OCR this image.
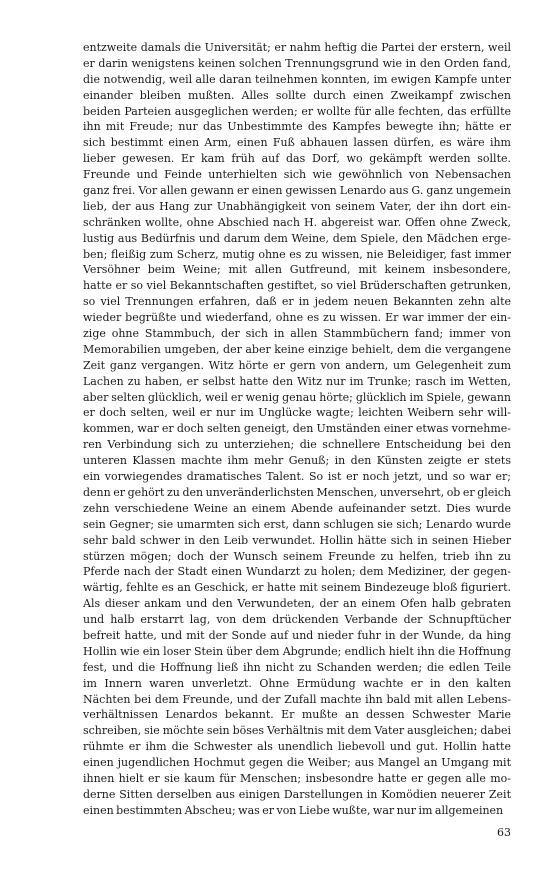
entzweite damals die Universität; er nahm heftig die Partei der erstern, weil
er darin wenigstens keinen solchen Trennungsgrund wie in den Orden fand,
die notwendig, weil alle daran teilnehmen konnten, im ewigen Kampfe unter
einander bleiben mußten. Alles sollte durch einen Zweikampf zwischen
beiden Parteien ausgeglichen werden; er wollte für alle fechten, das erfüllte
ihn mit Freude; nur das Unbestimmte des Kampfes bewegte ihn; hätte er
sich bestimmt einen Arm, einen Fuß abhauen lassen dürfen, es wäre ihm
lieber gewesen. Er kam früh auf das Dorf, wo gekämpft werden sollte.
Freunde und Feinde unterhielten sich wie gewöhnlich von Nebensachen
ganz frei. Vor allen gewann er einen gewissen Lenardo aus G. ganz ungemein
lieb, der aus Hang zur Unabhängigkeit von seinem Vater, der ihn dort ein-
schränken wollte, ohne Abschied nach H. abgereist war. Offen ohne Zweck,
lustig aus Bedürfnis und darum dem Weine, dem Spiele, den Mädchen erge-
ben; fleißig zum Scherz, mutig ohne es zu wissen, nie Beleidiger, fast immer
Versöhner beim Weine; mit allen Gutfreund, mit keinem insbesondere,
hatte er so viel Bekanntschaften gestiftet, so viel Brüderschaften getrunken,
so viel Trennungen erfahren, daß er in jedem neuen Bekannten zehn alte
wieder begrüßte und wiederfand, ohne es zu wissen. Er war immer der ein-
zige ohne Stammbuch, der sich in allen Stammbüchern fand; immer von
Memorabilien umgeben, der aber keine einzige behielt, dem die vergangene
Zeit ganz vergangen. Witz hörte er gern von andern, um Gelegenheit zum
Lachen zu haben, er selbst hatte den Witz nur im Trunke; rasch im Wetten,
aber selten glücklich, weil er wenig genau hörte; glücklich im Spiele, gewann
er doch selten, weil er nur im Unglücke wagte; leichten Weibern sehr will-
kommen, war er doch selten geneigt, den Umständen einer etwas vornehme-
ren Verbindung sich zu unterziehen; die schnellere Entscheidung bei den
unteren Klassen machte ihm mehr Genuß; in den Künsten zeigte er stets
ein vorwiegendes dramatisches Talent. So ist er noch jetzt, und so war er;
denn er gehört zu den unveränderlichsten Menschen, unversehrt, ob er gleich
zehn verschiedene Weine an einem Abende aufeinander setzt. Dies wurde
sein Gegner; sie umarmten sich erst, dann schlugen sie sich; Lenardo wurde
sehr bald schwer in den Leib verwundet. Hollin hätte sich in seinen Hieber
stürzen mögen; doch der Wunsch seinem Freunde zu helfen, trieb ihn zu
Pferde nach der Stadt einen Wundarzt zu holen; dem Mediziner, der gegen-
wärtig, fehlte es an Geschick, er hatte mit seinem Bindezeuge bloß figuriert.
Als dieser ankam und den Verwundeten, der an einem Ofen halb gebraten
und halb erstarrt lag, von dem drückenden Verbande der Schnupftücher
befreit hatte, und mit der Sonde auf und nieder fuhr in der Wunde, da hing
Hollin wie ein loser Stein über dem Abgrunde; endlich hielt ihn die Hoffnung
fest, und die Hoffnung ließ ihn nicht zu Schanden werden; die edlen Teile
im Innern waren unverletzt. Ohne Ermüdung wachte er in den kalten
Nächten bei dem Freunde, und der Zufall machte ihn bald mit allen Lebens-
verhältnissen Lenardos bekannt. Er mußte an dessen Schwester Marie
schreiben, sie möchte sein böses Verhältnis mit dem Vater ausgleichen; dabei
rühmte er ihm die Schwester als unendlich liebevoll und gut. Hollin hatte
einen jugendlichen Hochmut gegen die Weiber; aus Mangel an Umgang mit
ihnen hielt er sie kaum für Menschen; insbesondre hatte er gegen alle mo-
derne Sitten derselben aus einigen Darstellungen in Komödien neuerer Zeit
einen bestimmten Abscheu; was er von Liebe wußte, war nur im allgemeinen
63
